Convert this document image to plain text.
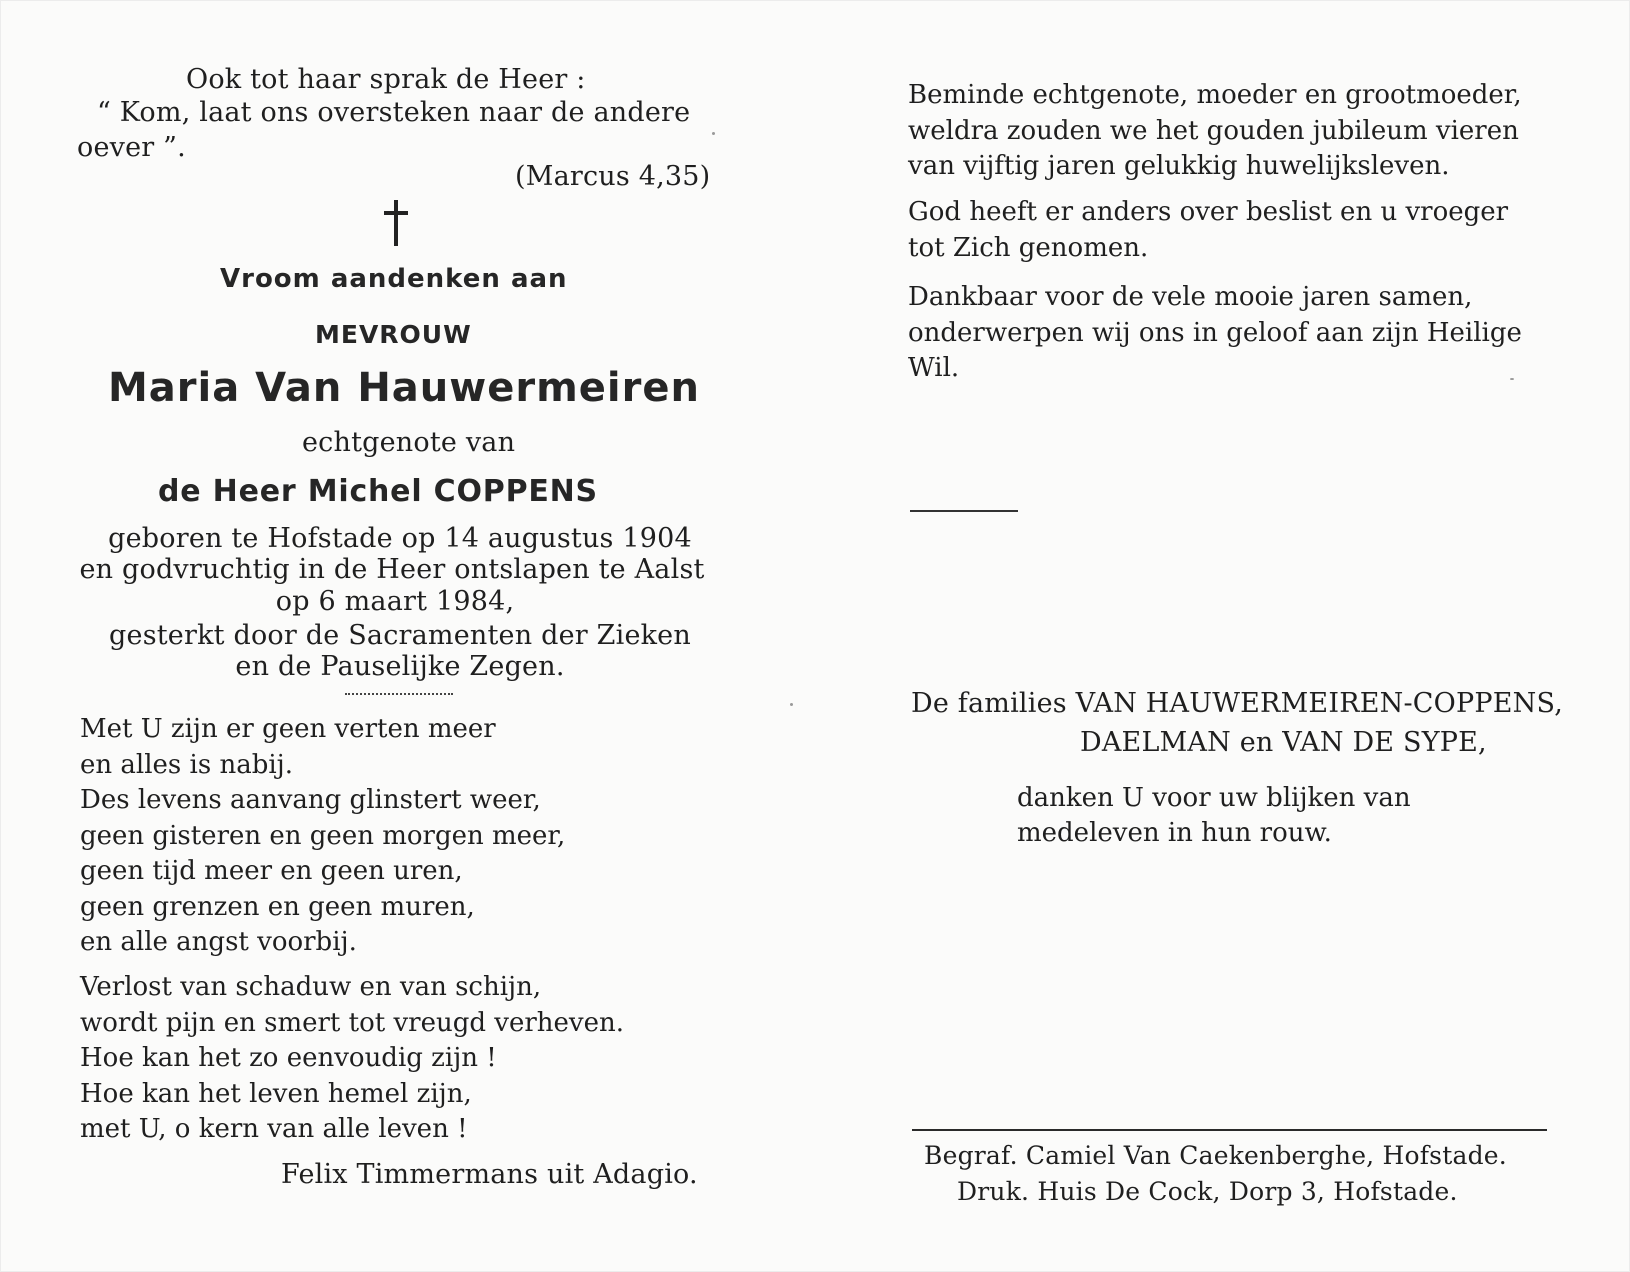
Ook tot haar sprak de Heer :
“ Kom, laat ons oversteken naar de andere
oever ”.
(Marcus 4,35)
Vroom aandenken aan
MEVROUW
Maria Van Hauwermeiren
echtgenote van
de Heer Michel COPPENS
geboren te Hofstade op 14 augustus 1904
en godvruchtig in de Heer ontslapen te Aalst
op 6 maart 1984,
gesterkt door de Sacramenten der Zieken
en de Pauselijke Zegen.
Met U zijn er geen verten meer
en alles is nabij.
Des levens aanvang glinstert weer,
geen gisteren en geen morgen meer,
geen tijd meer en geen uren,
geen grenzen en geen muren,
en alle angst voorbij.
Verlost van schaduw en van schijn,
wordt pijn en smert tot vreugd verheven.
Hoe kan het zo eenvoudig zijn !
Hoe kan het leven hemel zijn,
met U, o kern van alle leven !
Felix Timmermans uit Adagio.
Beminde echtgenote, moeder en grootmoeder,
weldra zouden we het gouden jubileum vieren
van vijftig jaren gelukkig huwelijksleven.
God heeft er anders over beslist en u vroeger
tot Zich genomen.
Dankbaar voor de vele mooie jaren samen,
onderwerpen wij ons in geloof aan zijn Heilige
Wil.
De families VAN HAUWERMEIREN-COPPENS,
DAELMAN en VAN DE SYPE,
danken U voor uw blijken van
medeleven in hun rouw.
Begraf. Camiel Van Caekenberghe, Hofstade.
Druk. Huis De Cock, Dorp 3, Hofstade.
